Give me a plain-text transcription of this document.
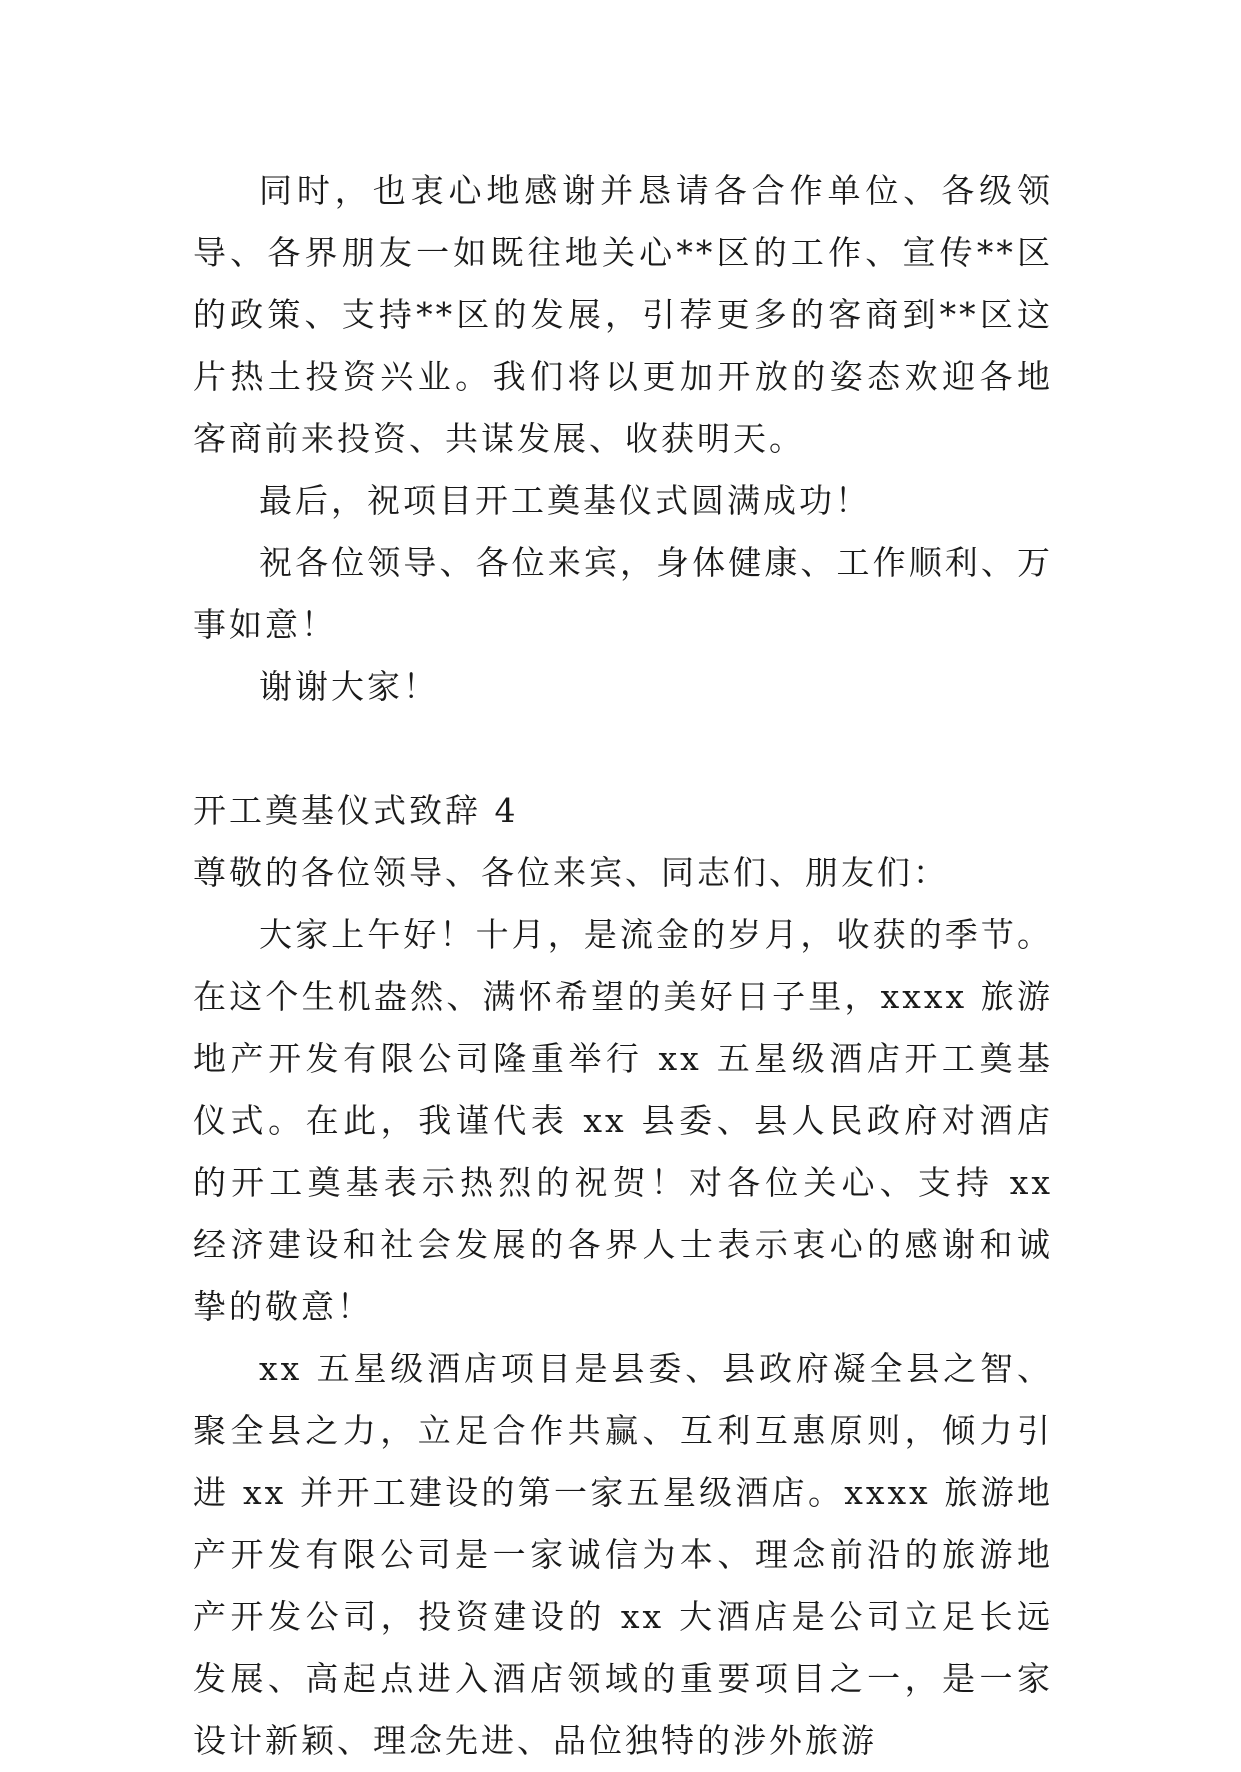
同时，也衷心地感谢并恳请各合作单位、各级领导、各界朋友一如既往地关心**区的工作、宣传**区的政策、支持**区的发展，引荐更多的客商到**区这片热土投资兴业。我们将以更加开放的姿态欢迎各地客商前来投资、共谋发展、收获明天。

最后，祝项目开工奠基仪式圆满成功！

祝各位领导、各位来宾，身体健康、工作顺利、万事如意！

谢谢大家！

开工奠基仪式致辞 4

尊敬的各位领导、各位来宾、同志们、朋友们：

大家上午好！十月，是流金的岁月，收获的季节。在这个生机盎然、满怀希望的美好日子里，xxxx 旅游地产开发有限公司隆重举行 xx 五星级酒店开工奠基仪式。在此，我谨代表 xx 县委、县人民政府对酒店的开工奠基表示热烈的祝贺！对各位关心、支持 xx 经济建设和社会发展的各界人士表示衷心的感谢和诚挚的敬意！

xx 五星级酒店项目是县委、县政府凝全县之智、聚全县之力，立足合作共赢、互利互惠原则，倾力引进 xx 并开工建设的第一家五星级酒店。xxxx 旅游地产开发有限公司是一家诚信为本、理念前沿的旅游地产开发公司，投资建设的 xx 大酒店是公司立足长远发展、高起点进入酒店领域的重要项目之一，是一家设计新颖、理念先进、品位独特的涉外旅游
